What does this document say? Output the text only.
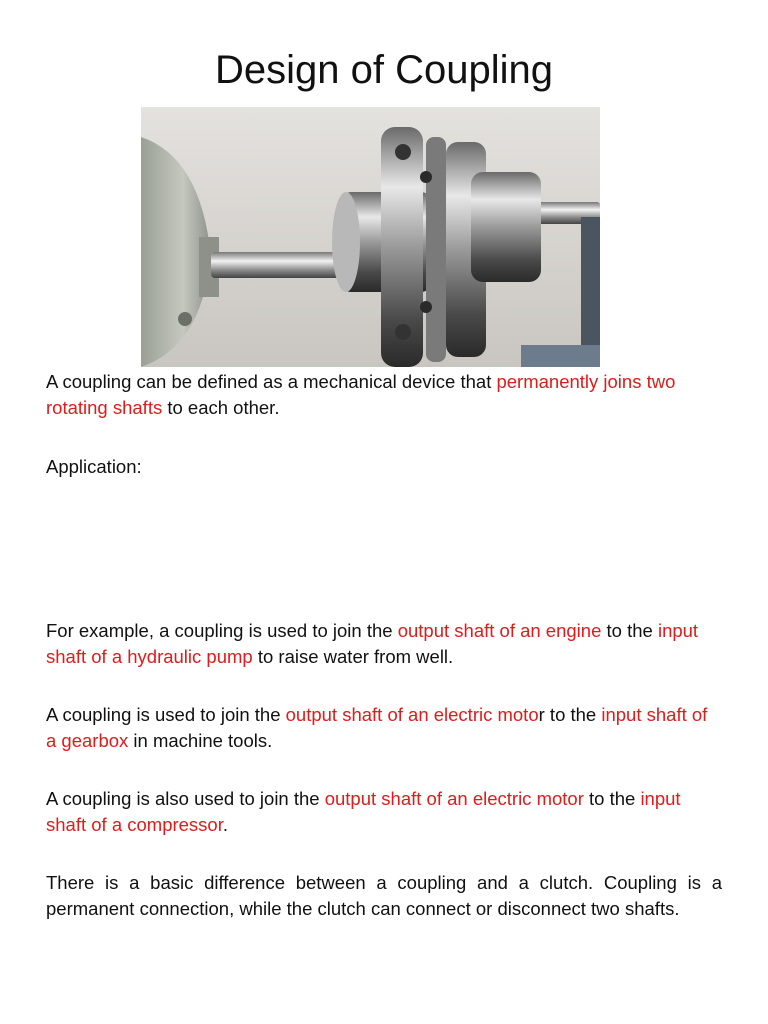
Design of Coupling

A coupling can be defined as a mechanical device that permanently joins two rotating shafts to each other.

Application:

For example, a coupling is used to join the output shaft of an engine to the input shaft of a hydraulic pump to raise water from well.

A coupling is used to join the output shaft of an electric motor to the input shaft of a gearbox in machine tools.

A coupling is also used to join the output shaft of an electric motor to the input shaft of a compressor.

There is a basic difference between a coupling and a clutch. Coupling is a permanent connection, while the clutch can connect or disconnect two shafts.
